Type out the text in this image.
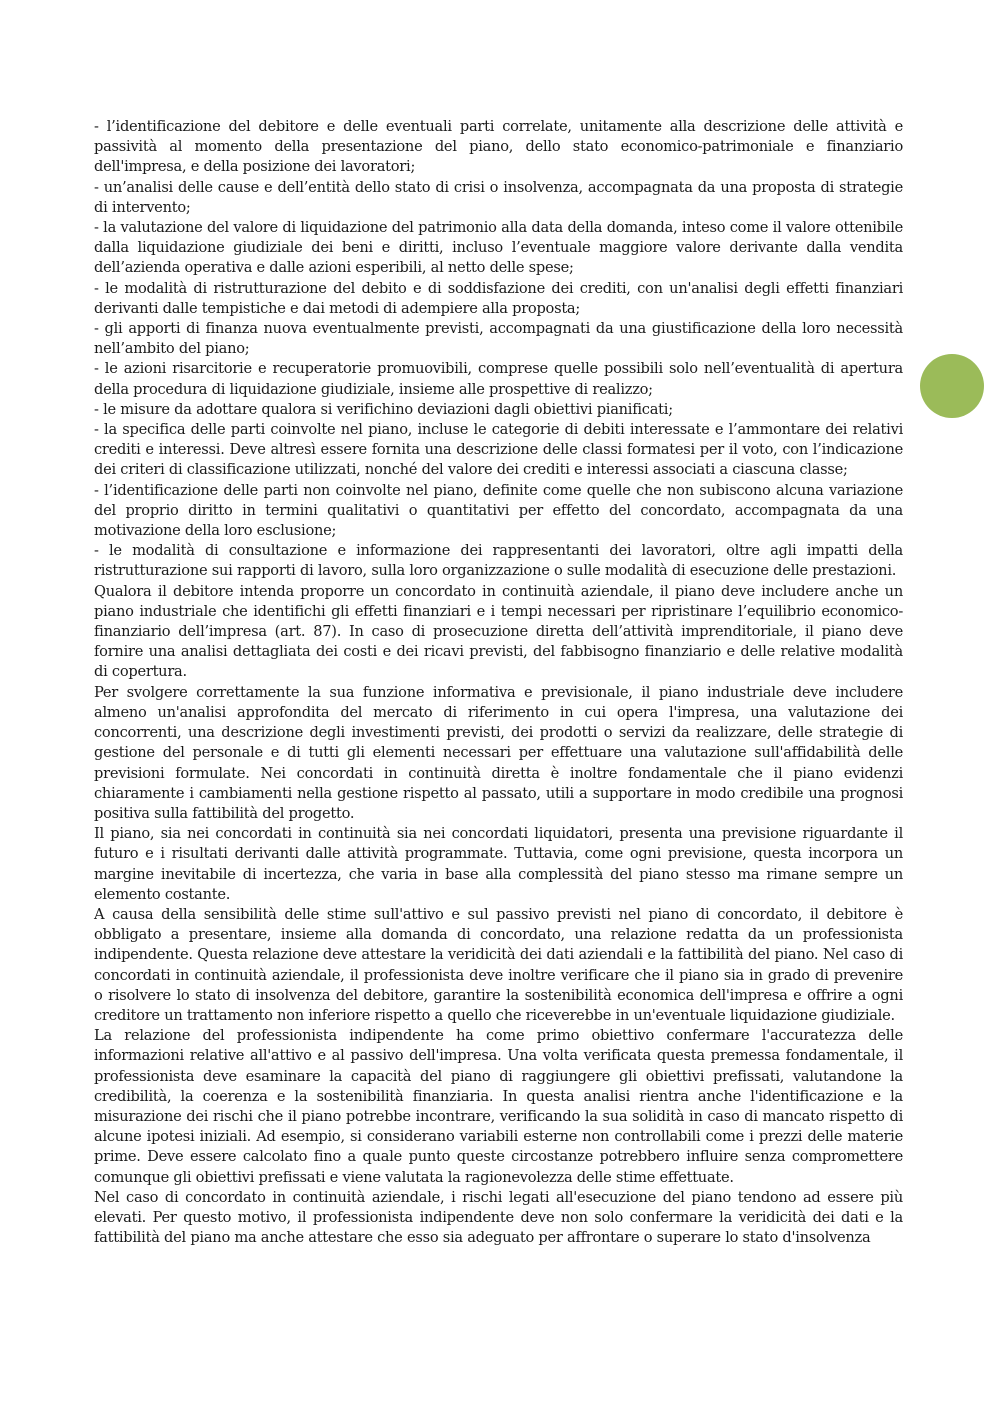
- l’identificazione del debitore e delle eventuali parti correlate, unitamente alla descrizione delle attività e passività al momento della presentazione del piano, dello stato economico-patrimoniale e finanziario dell'impresa, e della posizione dei lavoratori;

- un’analisi delle cause e dell’entità dello stato di crisi o insolvenza, accompagnata da una proposta di strategie di intervento;

- la valutazione del valore di liquidazione del patrimonio alla data della domanda, inteso come il valore ottenibile dalla liquidazione giudiziale dei beni e diritti, incluso l’eventuale maggiore valore derivante dalla vendita dell’azienda operativa e dalle azioni esperibili, al netto delle spese;

- le modalità di ristrutturazione del debito e di soddisfazione dei crediti, con un'analisi degli effetti finanziari derivanti dalle tempistiche e dai metodi di adempiere alla proposta;

- gli apporti di finanza nuova eventualmente previsti, accompagnati da una giustificazione della loro necessità nell’ambito del piano;

- le azioni risarcitorie e recuperatorie promuovibili, comprese quelle possibili solo nell’eventualità di apertura della procedura di liquidazione giudiziale, insieme alle prospettive di realizzo;

- le misure da adottare qualora si verifichino deviazioni dagli obiettivi pianificati;

- la specifica delle parti coinvolte nel piano, incluse le categorie di debiti interessate e l’ammontare dei relativi crediti e interessi. Deve altresì essere fornita una descrizione delle classi formatesi per il voto, con l’indicazione dei criteri di classificazione utilizzati, nonché del valore dei crediti e interessi associati a ciascuna classe;

- l’identificazione delle parti non coinvolte nel piano, definite come quelle che non subiscono alcuna variazione del proprio diritto in termini qualitativi o quantitativi per effetto del concordato, accompagnata da una motivazione della loro esclusione;

- le modalità di consultazione e informazione dei rappresentanti dei lavoratori, oltre agli impatti della ristrutturazione sui rapporti di lavoro, sulla loro organizzazione o sulle modalità di esecuzione delle prestazioni.

Qualora il debitore intenda proporre un concordato in continuità aziendale, il piano deve includere anche un piano industriale che identifichi gli effetti finanziari e i tempi necessari per ripristinare l’equilibrio economico-finanziario dell’impresa (art. 87). In caso di prosecuzione diretta dell’attività imprenditoriale, il piano deve fornire una analisi dettagliata dei costi e dei ricavi previsti, del fabbisogno finanziario e delle relative modalità di copertura.

Per svolgere correttamente la sua funzione informativa e previsionale, il piano industriale deve includere almeno un'analisi approfondita del mercato di riferimento in cui opera l'impresa, una valutazione dei concorrenti, una descrizione degli investimenti previsti, dei prodotti o servizi da realizzare, delle strategie di gestione del personale e di tutti gli elementi necessari per effettuare una valutazione sull'affidabilità delle previsioni formulate. Nei concordati in continuità diretta è inoltre fondamentale che il piano evidenzi chiaramente i cambiamenti nella gestione rispetto al passato, utili a supportare in modo credibile una prognosi positiva sulla fattibilità del progetto.

Il piano, sia nei concordati in continuità sia nei concordati liquidatori, presenta una previsione riguardante il futuro e i risultati derivanti dalle attività programmate. Tuttavia, come ogni previsione, questa incorpora un margine inevitabile di incertezza, che varia in base alla complessità del piano stesso ma rimane sempre un elemento costante.

A causa della sensibilità delle stime sull'attivo e sul passivo previsti nel piano di concordato, il debitore è obbligato a presentare, insieme alla domanda di concordato, una relazione redatta da un professionista indipendente. Questa relazione deve attestare la veridicità dei dati aziendali e la fattibilità del piano. Nel caso di concordati in continuità aziendale, il professionista deve inoltre verificare che il piano sia in grado di prevenire o risolvere lo stato di insolvenza del debitore, garantire la sostenibilità economica dell'impresa e offrire a ogni creditore un trattamento non inferiore rispetto a quello che riceverebbe in un'eventuale liquidazione giudiziale.

La relazione del professionista indipendente ha come primo obiettivo confermare l'accuratezza delle informazioni relative all'attivo e al passivo dell'impresa. Una volta verificata questa premessa fondamentale, il professionista deve esaminare la capacità del piano di raggiungere gli obiettivi prefissati, valutandone la credibilità, la coerenza e la sostenibilità finanziaria. In questa analisi rientra anche l'identificazione e la misurazione dei rischi che il piano potrebbe incontrare, verificando la sua solidità in caso di mancato rispetto di alcune ipotesi iniziali. Ad esempio, si considerano variabili esterne non controllabili come i prezzi delle materie prime. Deve essere calcolato fino a quale punto queste circostanze potrebbero influire senza compromettere comunque gli obiettivi prefissati e viene valutata la ragionevolezza delle stime effettuate.

Nel caso di concordato in continuità aziendale, i rischi legati all'esecuzione del piano tendono ad essere più elevati. Per questo motivo, il professionista indipendente deve non solo confermare la veridicità dei dati e la fattibilità del piano ma anche attestare che esso sia adeguato per affrontare o superare lo stato d'insolvenza
